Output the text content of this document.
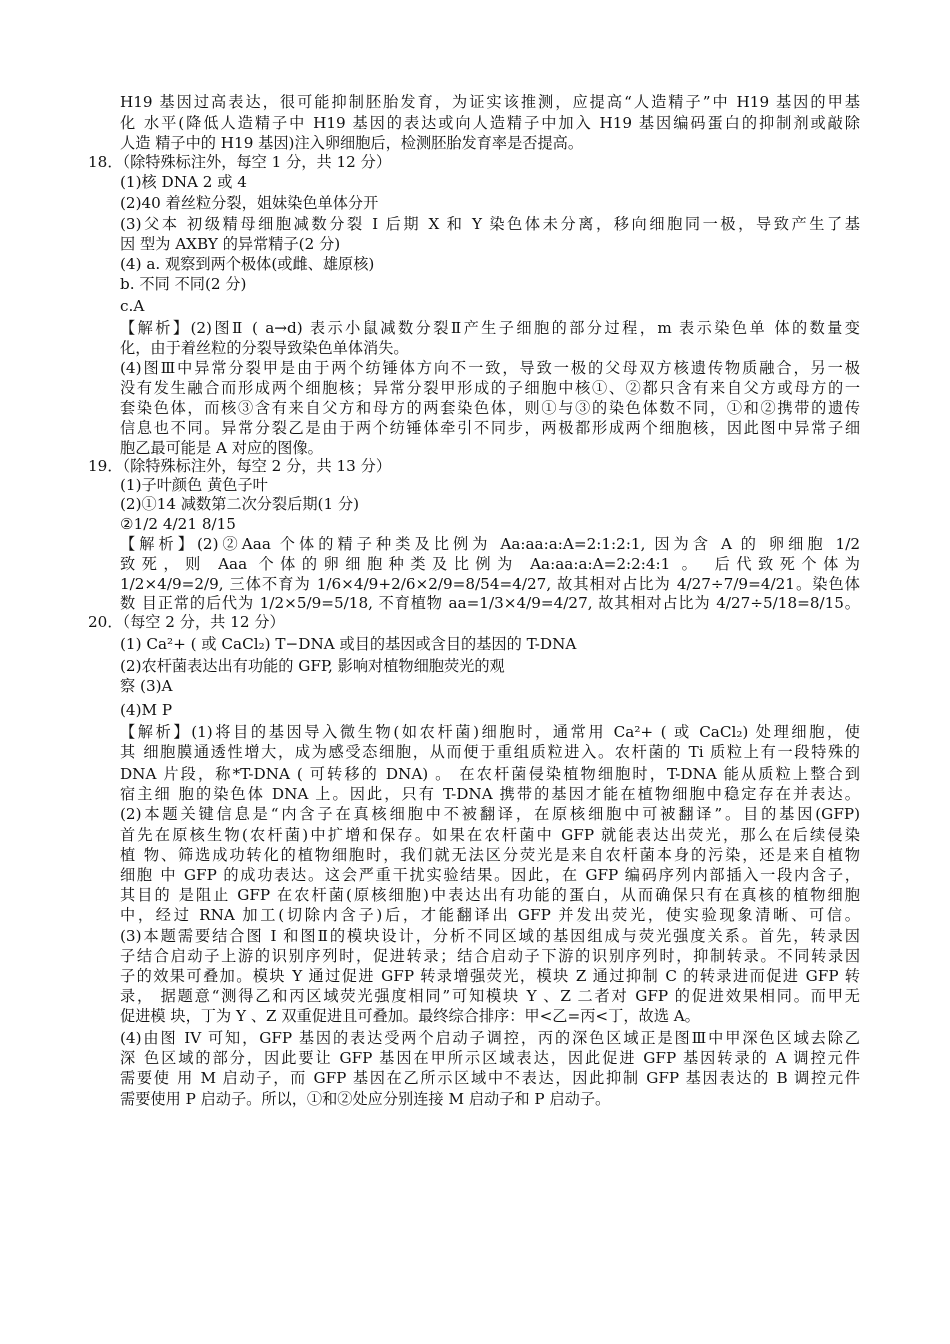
H19 基因过高表达，很可能抑制胚胎发育，为证实该推测，应提高“人造精子”中 H19 基因的甲基
化 水平(降低人造精子中 H19 基因的表达或向人造精子中加入 H19 基因编码蛋白的抑制剂或敲除
人造 精子中的 H19 基因)注入卵细胞后，检测胚胎发育率是否提高。
18．（除特殊标注外，每空 1 分，共 12 分）
(1)核 DNA 2 或 4
(2)40 着丝粒分裂，姐妹染色单体分开
(3)父本 初级精母细胞减数分裂 I 后期 X 和 Y 染色体未分离，移向细胞同一极，导致产生了基
因 型为 AXBY 的异常精子(2 分)
(4) a. 观察到两个极体(或雌、雄原核)
b. 不同 不同(2 分)
c.A
【解析】(2)图Ⅱ ( a→d) 表示小鼠减数分裂Ⅱ产生子细胞的部分过程，m 表示染色单 体的数量变
化，由于着丝粒的分裂导致染色单体消失。
(4)图Ⅲ中异常分裂甲是由于两个纺锤体方向不一致，导致一极的父母双方核遗传物质融合，另一极
没有发生融合而形成两个细胞核；异常分裂甲形成的子细胞中核①、②都只含有来自父方或母方的一
套染色体，而核③含有来自父方和母方的两套染色体，则①与③的染色体数不同，①和②携带的遗传
信息也不同。异常分裂乙是由于两个纺锤体牵引不同步，两极都形成两个细胞核，因此图中异常子细
胞乙最可能是 A 对应的图像。
19．（除特殊标注外，每空 2 分，共 13 分）
(1)子叶颜色 黄色子叶
(2)①14 减数第二次分裂后期(1 分)
②1/2 4/21 8/15
【解析】(2)②Aaa 个体的精子种类及比例为 Aa:aa:a:A=2:1:2:1, 因为含 A 的 卵细胞 1/2
致死，则 Aaa 个体的卵细胞种类及比例为 Aa:aa:a:A=2:2:4:1 。 后代致死个体为
1/2×4/9=2/9, 三体不育为 1/6×4/9+2/6×2/9=8/54=4/27, 故其相对占比为 4/27÷7/9=4/21。染色体
数 目正常的后代为 1/2×5/9=5/18, 不育植物 aa=1/3×4/9=4/27, 故其相对占比为 4/27÷5/18=8/15。
20．（每空 2 分，共 12 分）
(1) Ca²+ ( 或 CaCl₂) T−DNA 或目的基因或含目的基因的 T-DNA
(2)农杆菌表达出有功能的 GFP, 影响对植物细胞荧光的观
察 (3)A
(4)M P
【解析】(1)将目的基因导入微生物(如农杆菌)细胞时，通常用 Ca²+ ( 或 CaCl₂) 处理细胞，使
其 细胞膜通透性增大，成为感受态细胞，从而便于重组质粒进入。农杆菌的 Ti 质粒上有一段特殊的
DNA 片段，称*T-DNA ( 可转移的 DNA) 。 在农杆菌侵染植物细胞时，T-DNA 能从质粒上整合到
宿主细 胞的染色体 DNA 上。因此，只有 T-DNA 携带的基因才能在植物细胞中稳定存在并表达。
(2)本题关键信息是“内含子在真核细胞中不被翻译，在原核细胞中可被翻译”。目的基因(GFP)
首先在原核生物(农杆菌)中扩增和保存。如果在农杆菌中 GFP 就能表达出荧光，那么在后续侵染
植 物、筛选成功转化的植物细胞时，我们就无法区分荧光是来自农杆菌本身的污染，还是来自植物
细胞 中 GFP 的成功表达。这会严重干扰实验结果。因此，在 GFP 编码序列内部插入一段内含子，
其目的 是阻止 GFP 在农杆菌(原核细胞)中表达出有功能的蛋白，从而确保只有在真核的植物细胞
中，经过 RNA 加工(切除内含子)后，才能翻译出 GFP 并发出荧光，使实验现象清晰、可信。
(3)本题需要结合图 I 和图Ⅱ的模块设计，分析不同区域的基因组成与荧光强度关系。首先，转录因
子结合启动子上游的识别序列时，促进转录；结合启动子下游的识别序列时，抑制转录。不同转录因
子的效果可叠加。模块 Y 通过促进 GFP 转录增强荧光，模块 Z 通过抑制 C 的转录进而促进 GFP 转
录， 据题意“测得乙和丙区域荧光强度相同”可知模块 Y 、Z 二者对 GFP 的促进效果相同。而甲无
促进模 块，丁为 Y 、Z 双重促进且可叠加。最终综合排序：甲<乙=丙<丁，故选 A。
(4)由图 IV 可知，GFP 基因的表达受两个启动子调控，丙的深色区域正是图Ⅲ中甲深色区域去除乙
深 色区域的部分，因此要让 GFP 基因在甲所示区域表达，因此促进 GFP 基因转录的 A 调控元件
需要使 用 M 启动子，而 GFP 基因在乙所示区域中不表达，因此抑制 GFP 基因表达的 B 调控元件
需要使用 P 启动子。所以，①和②处应分别连接 M 启动子和 P 启动子。
